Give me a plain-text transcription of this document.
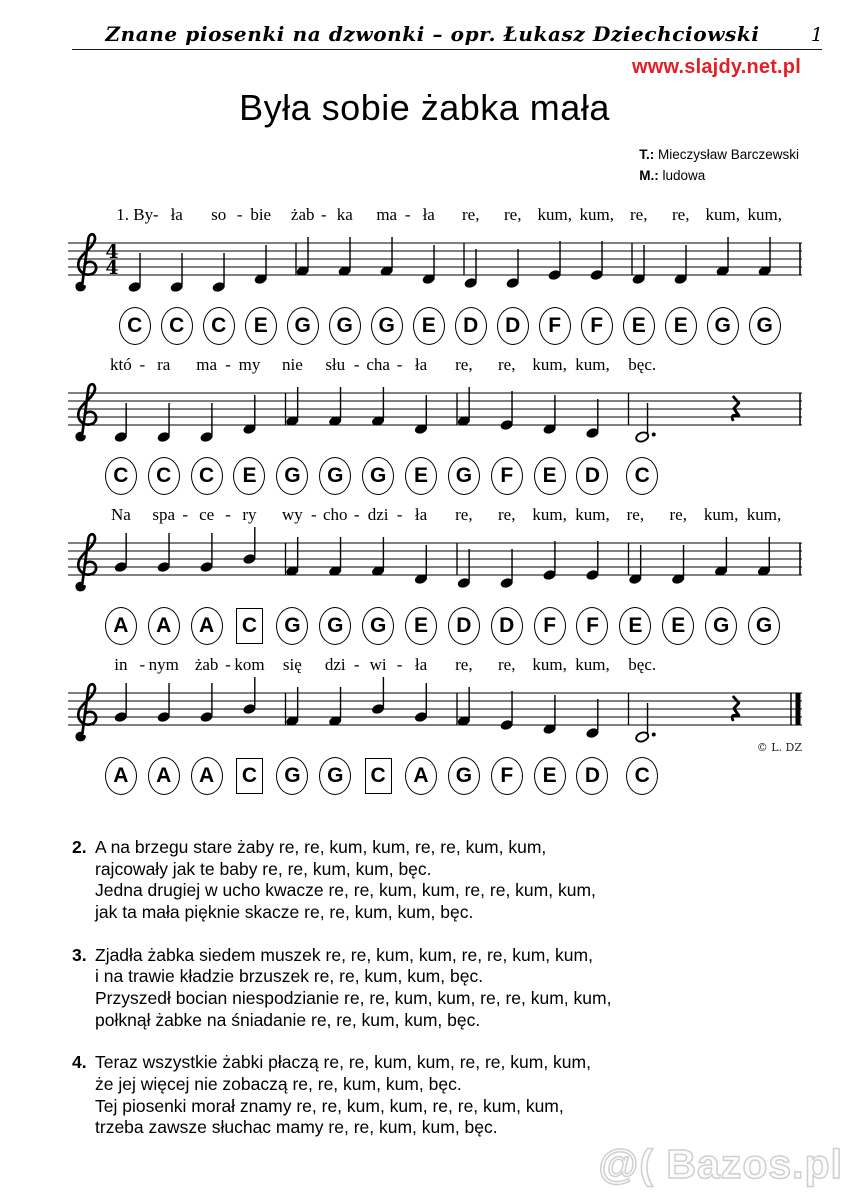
Znane piosenki na dzwonki – opr. Łukasz Dziechciowski	1
www.slajdy.net.pl
Była sobie żabka mała
T.: Mieczysław Barczewski
M.: ludowa
1. By - ła so - bie żab - ka ma - ła re, re, kum, kum, re, re, kum, kum,
4
4
C	C	C	E	G	G	G	E	D	D	F	F	E	E	G	G
któ - ra ma - my nie słu - cha - ła re, re, kum, kum, bęc.
C	C	C	E	G	G	G	E	G	F	E	D	C
Na spa - ce - ry wy - cho - dzi - ła re, re, kum, kum, re, re, kum, kum,
A	A	A	C	G	G	G	E	D	D	F	F	E	E	G	G
in - nym żab - kom się dzi - wi - ła re, re, kum, kum, bęc.
A	A	A	C	G	G	C	A	G	F	E	D	C
© L. DZ
2. A na brzegu stare żaby re, re, kum, kum, re, re, kum, kum,
rajcowały jak te baby re, re, kum, kum, bęc.
Jedna drugiej w ucho kwacze re, re, kum, kum, re, re, kum, kum,
jak ta mała pięknie skacze re, re, kum, kum, bęc.
3. Zjadła żabka siedem muszek re, re, kum, kum, re, re, kum, kum,
i na trawie kładzie brzuszek re, re, kum, kum, bęc.
Przyszedł bocian niespodzianie re, re, kum, kum, re, re, kum, kum,
połknął żabke na śniadanie re, re, kum, kum, bęc.
4. Teraz wszystkie żabki płaczą re, re, kum, kum, re, re, kum, kum,
że jej więcej nie zobaczą re, re, kum, kum, bęc.
Tej piosenki morał znamy re, re, kum, kum, re, re, kum, kum,
trzeba zawsze słuchac mamy re, re, kum, kum, bęc.
@( Bazos.pl
